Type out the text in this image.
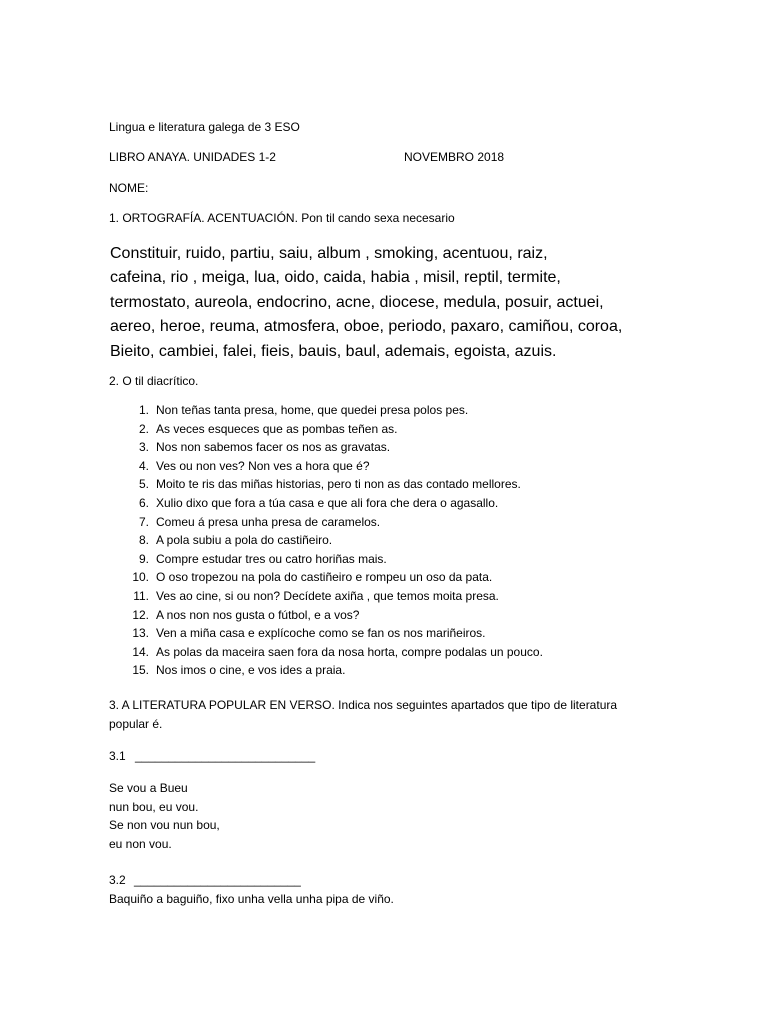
Lingua e literatura galega de 3 ESO
LIBRO ANAYA. UNIDADES 1-2	NOVEMBRO 2018
NOME:
1. ORTOGRAFÍA. ACENTUACIÓN. Pon til cando sexa necesario
Constituir, ruido, partiu, saiu, album , smoking, acentuou, raiz,
cafeina, rio , meiga, lua, oido, caida, habia , misil, reptil, termite,
termostato, aureola, endocrino, acne, diocese, medula, posuir, actuei,
aereo, heroe, reuma, atmosfera, oboe, periodo, paxaro, camiñou, coroa,
Bieito, cambiei, falei, fieis, bauis, baul, ademais, egoista, azuis.
2. O til diacrítico.
1. Non teñas tanta presa, home, que quedei presa polos pes.
2. As veces esqueces que as pombas teñen as.
3. Nos non sabemos facer os nos as gravatas.
4. Ves ou non ves? Non ves a hora que é?
5. Moito te ris das miñas historias, pero ti non as das contado mellores.
6. Xulio dixo que fora a túa casa e que ali fora che dera o agasallo.
7. Comeu á presa unha presa de caramelos.
8. A pola subiu a pola do castiñeiro.
9. Compre estudar tres ou catro horiñas mais.
10. O oso tropezou na pola do castiñeiro e rompeu un oso da pata.
11. Ves ao cine, si ou non? Decídete axiña , que temos moita presa.
12. A nos non nos gusta o fútbol, e a vos?
13. Ven a miña casa e explícoche como se fan os nos mariñeiros.
14. As polas da maceira saen fora da nosa horta, compre podalas un pouco.
15. Nos imos o cine, e vos ides a praia.
3. A LITERATURA POPULAR EN VERSO. Indica nos seguintes apartados que tipo de literatura
popular é.
3.1 ___________________________
Se vou a Bueu
nun bou, eu vou.
Se non vou nun bou,
eu non vou.
3.2 _________________________
Baquiño a baguiño, fixo unha vella unha pipa de viño.
